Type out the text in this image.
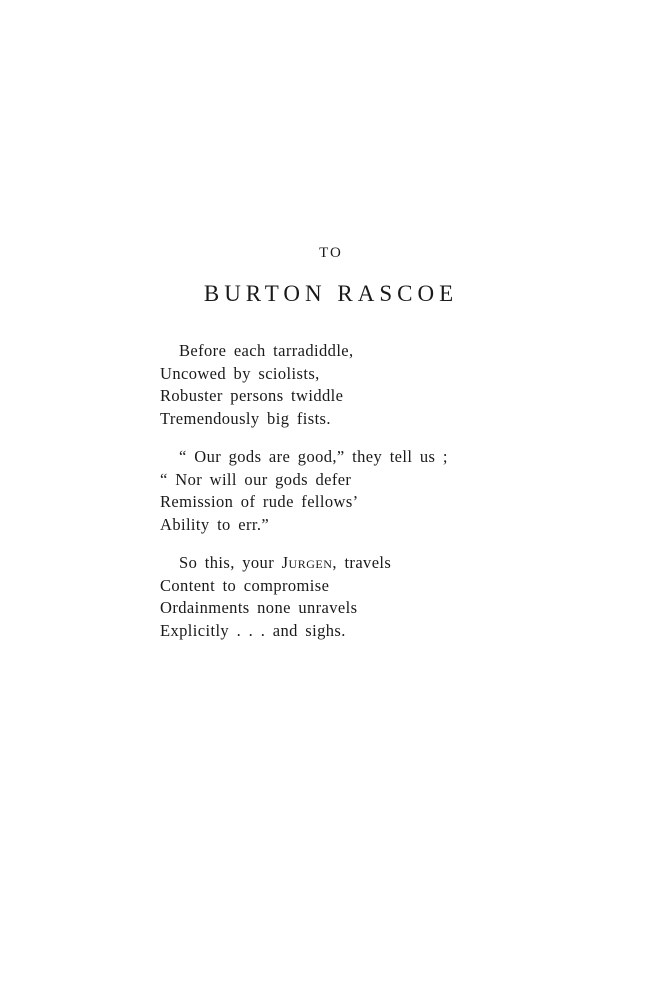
TO
BURTON RASCOE
Before each tarradiddle,
Uncowed by sciolists,
Robuster persons twiddle
Tremendously big fists.
“ Our gods are good,” they tell us ;
“ Nor will our gods defer
Remission of rude fellows’
Ability to err.”
So this, your Jurgen, travels
Content to compromise
Ordainments none unravels
Explicitly . . . and sighs.
